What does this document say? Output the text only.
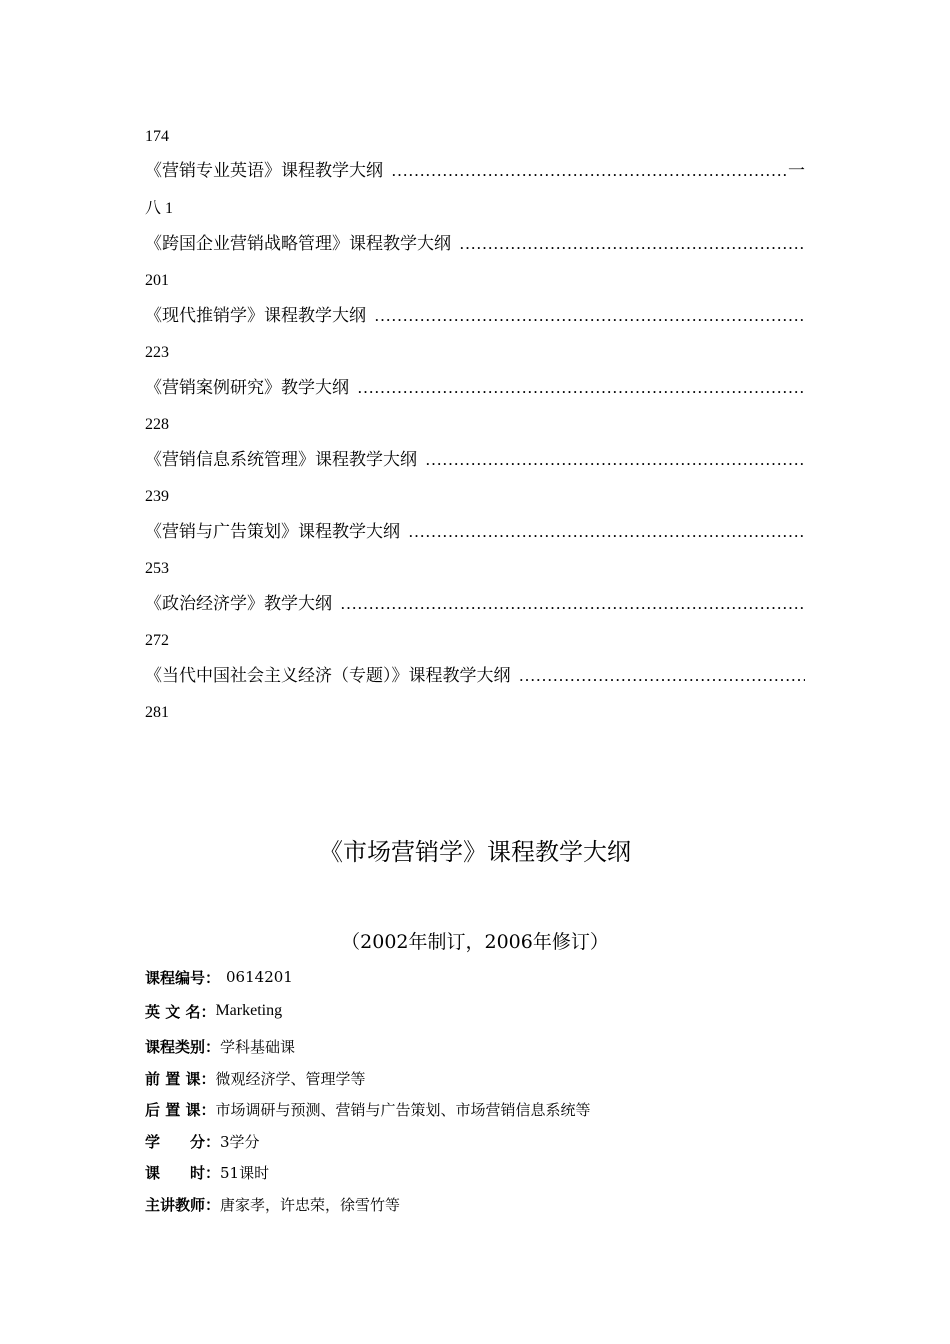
174
《营销专业英语》课程教学大纲
………………………………………………………………………………………………………………	一
八 1
《跨国企业营销战略管理》课程教学大纲
………………………………………………………………………………………………………………
201
《现代推销学》课程教学大纲
………………………………………………………………………………………………………………
223
《营销案例研究》教学大纲
………………………………………………………………………………………………………………
228
《营销信息系统管理》课程教学大纲
………………………………………………………………………………………………………………
239
《营销与广告策划》课程教学大纲
………………………………………………………………………………………………………………
253
《政治经济学》教学大纲
………………………………………………………………………………………………………………
272
《当代中国社会主义经济（专题）》课程教学大纲
………………………………………………………………………………………………………………
281
《市场营销学》课程教学大纲
（2002年制订，2006年修订）
课程编号： 0614201
英 文 名： Marketing
课程类别： 学科基础课
前 置 课： 微观经济学、管理学等
后 置 课： 市场调研与预测、营销与广告策划、市场营销信息系统等
学　　分： 3学分
课　　时： 51课时
主讲教师： 唐家孝，许忠荣，徐雪竹等
